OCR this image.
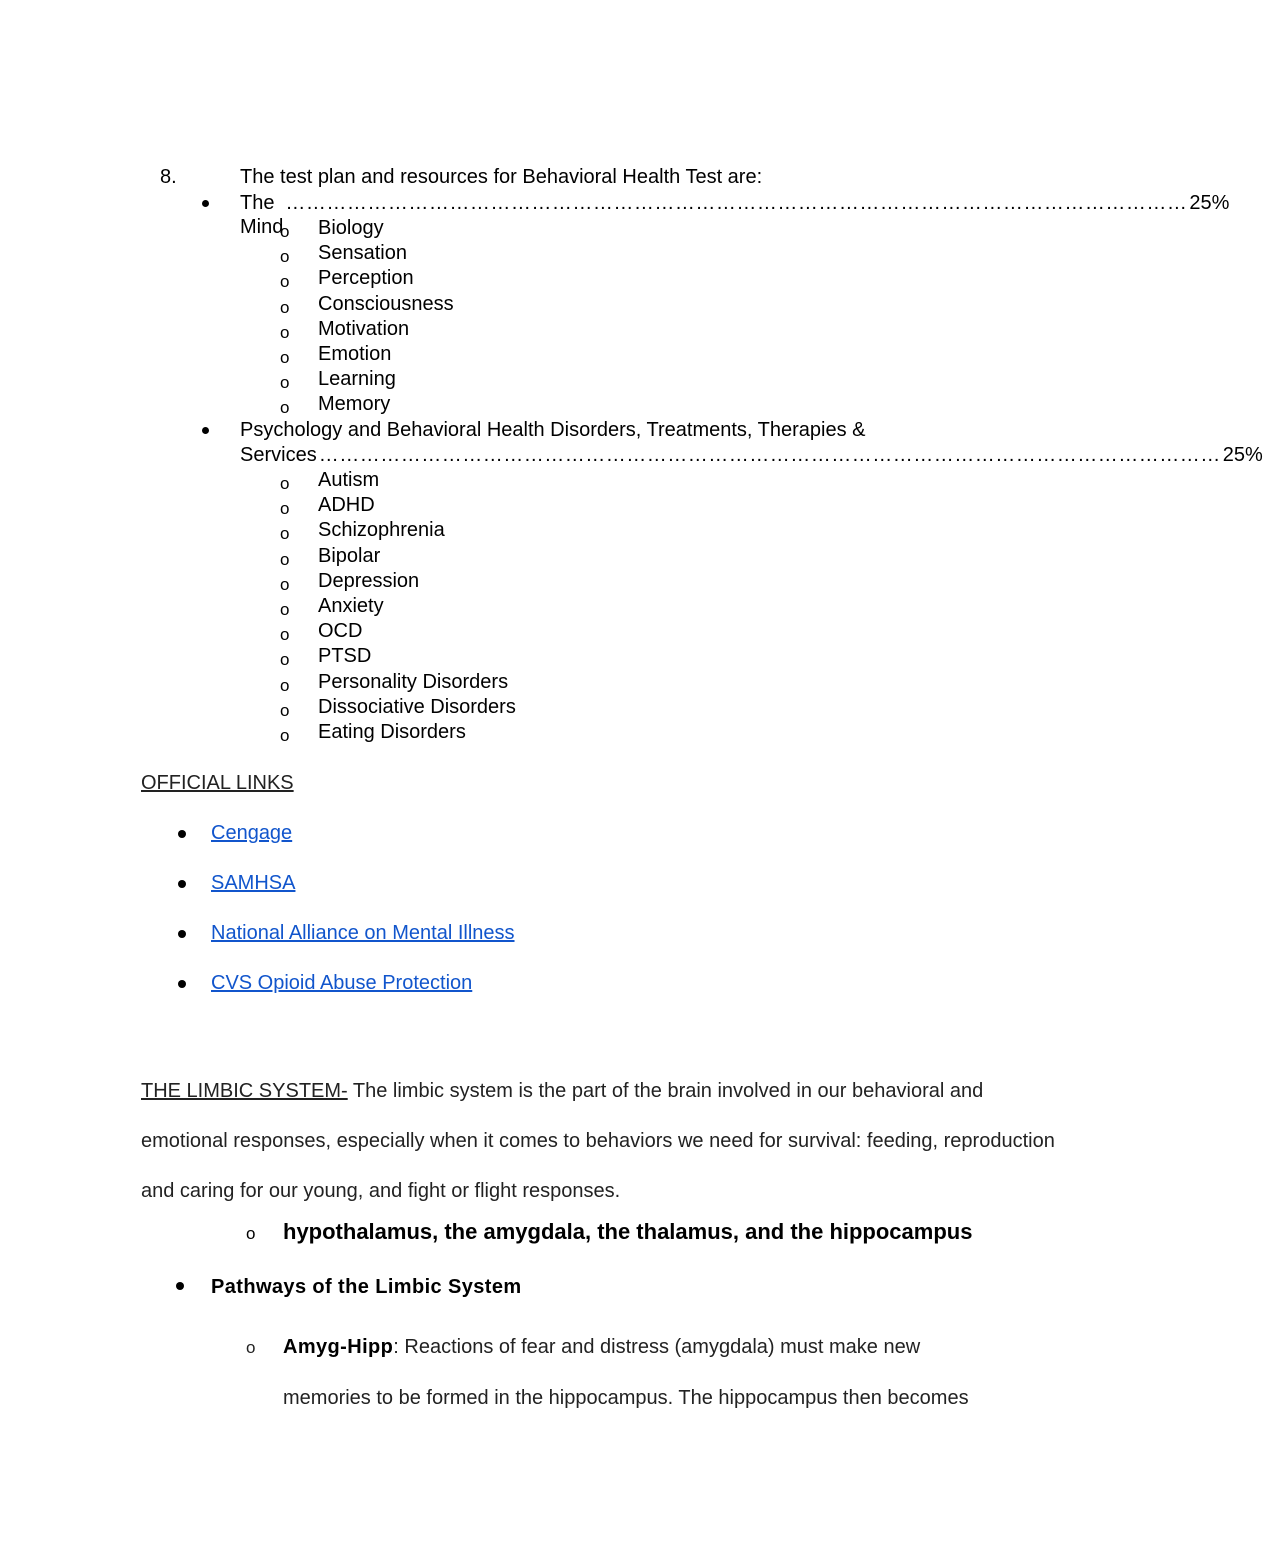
8.	The test plan and resources for Behavioral Health Test are:
The Mind
…………………………………………………………………………………………………………………… 25%
o Biology
o Sensation
o Perception
o Consciousness
o Motivation
o Emotion
o Learning
o Memory
Psychology and Behavioral Health Disorders, Treatments, Therapies &
Services …………………………………………………………………………………………………………………… 25%
o Autism
o ADHD
o Schizophrenia
o Bipolar
o Depression
o Anxiety
o OCD
o PTSD
o Personality Disorders
o Dissociative Disorders
o Eating Disorders
OFFICIAL LINKS
Cengage
SAMHSA
National Alliance on Mental Illness
CVS Opioid Abuse Protection
THE LIMBIC SYSTEM- The limbic system is the part of the brain involved in our behavioral and emotional responses, especially when it comes to behaviors we need for survival: feeding, reproduction and caring for our young, and fight or flight responses.
o hypothalamus, the amygdala, the thalamus, and the hippocampus
Pathways of the Limbic System
o Amyg-Hipp: Reactions of fear and distress (amygdala) must make new
memories to be formed in the hippocampus. The hippocampus then becomes
